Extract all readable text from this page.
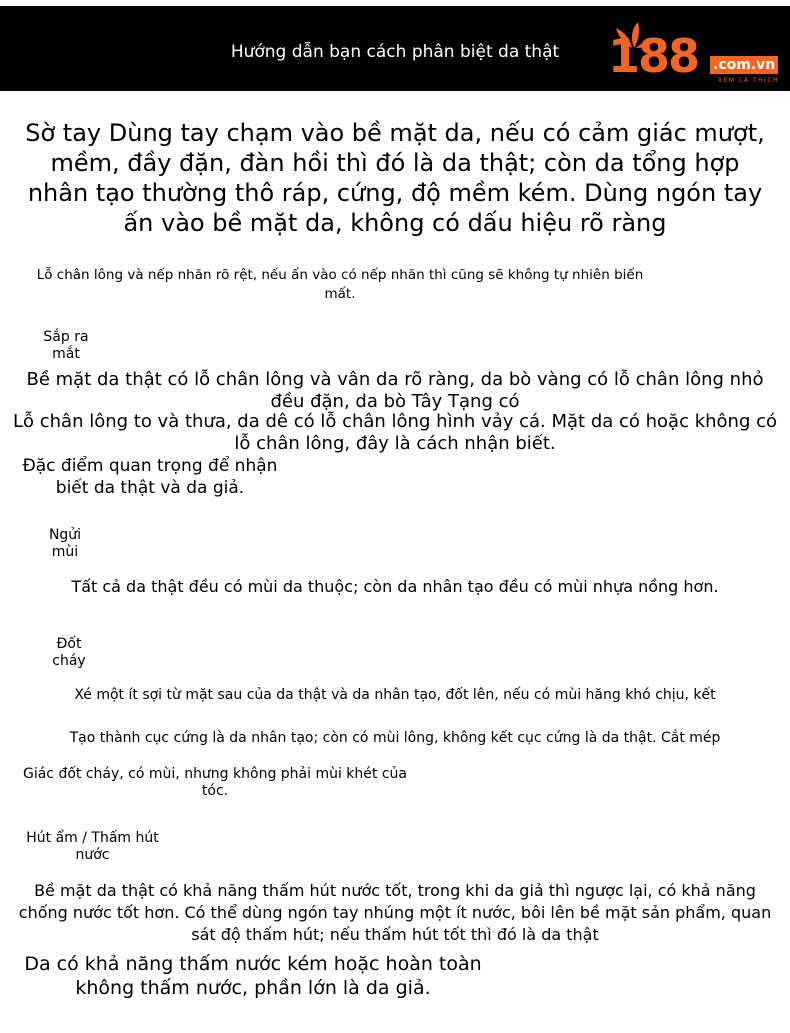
Hướng dẫn bạn cách phân biệt da thật	188 .com.vn
XEM LÀ THÍCH

Sờ tay Dùng tay chạm vào bề mặt da, nếu có cảm giác mượt, mềm, đầy đặn, đàn hồi thì đó là da thật; còn da tổng hợp nhân tạo thường thô ráp, cứng, độ mềm kém. Dùng ngón tay ấn vào bề mặt da, không có dấu hiệu rõ ràng

Lỗ chân lông và nếp nhăn rõ rệt, nếu ấn vào có nếp nhăn thì cũng sẽ không tự nhiên biến mất.

Sắp ra mắt

Bề mặt da thật có lỗ chân lông và vân da rõ ràng, da bò vàng có lỗ chân lông nhỏ đều đặn, da bò Tây Tạng có

Lỗ chân lông to và thưa, da dê có lỗ chân lông hình vảy cá. Mặt da có hoặc không có lỗ chân lông, đây là cách nhận biết.

Đặc điểm quan trọng để nhận biết da thật và da giả.

Ngửi mùi

Tất cả da thật đều có mùi da thuộc; còn da nhân tạo đều có mùi nhựa nồng hơn.

Đốt cháy

Xé một ít sợi từ mặt sau của da thật và da nhân tạo, đốt lên, nếu có mùi hăng khó chịu, kết

Tạo thành cục cứng là da nhân tạo; còn có mùi lông, không kết cục cứng là da thật. Cắt mép

Giác đốt cháy, có mùi, nhưng không phải mùi khét của tóc.

Hút ẩm / Thấm hút nước

Bề mặt da thật có khả năng thấm hút nước tốt, trong khi da giả thì ngược lại, có khả năng chống nước tốt hơn. Có thể dùng ngón tay nhúng một ít nước, bôi lên bề mặt sản phẩm, quan sát độ thấm hút; nếu thấm hút tốt thì đó là da thật

Da có khả năng thấm nước kém hoặc hoàn toàn không thấm nước, phần lớn là da giả.
